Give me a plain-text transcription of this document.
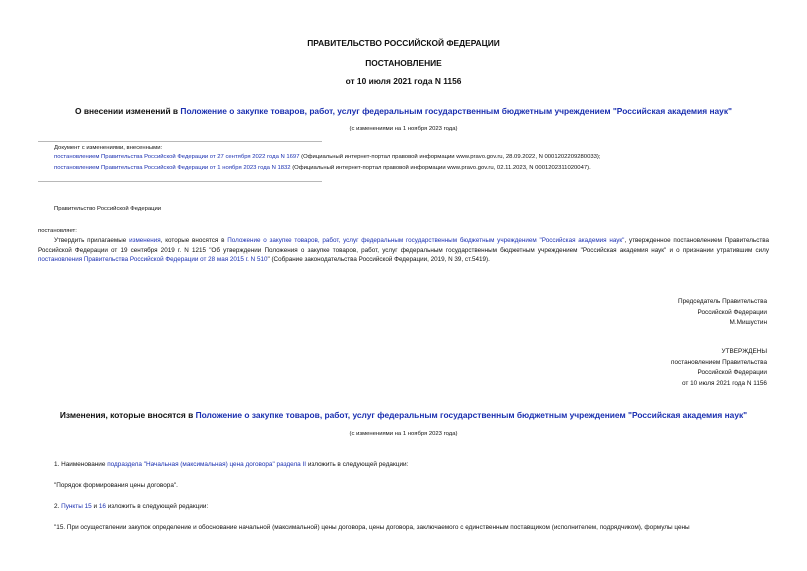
ПРАВИТЕЛЬСТВО РОССИЙСКОЙ ФЕДЕРАЦИИ
ПОСТАНОВЛЕНИЕ
от 10 июля 2021 года N 1156
О внесении изменений в Положение о закупке товаров, работ, услуг федеральным государственным бюджетным учреждением "Российская академия наук"
(с изменениями на 1 ноября 2023 года)
Документ с изменениями, внесенными:
постановлением Правительства Российской Федерации от 27 сентября 2022 года N 1697 (Официальный интернет-портал правовой информации www.pravo.gov.ru, 28.09.2022, N 0001202209280033);
постановлением Правительства Российской Федерации от 1 ноября 2023 года N 1832 (Официальный интернет-портал правовой информации www.pravo.gov.ru, 02.11.2023, N 0001202311020047).
Правительство Российской Федерации
постановляет:
Утвердить прилагаемые изменения, которые вносятся в Положение о закупке товаров, работ, услуг федеральным государственным бюджетным учреждением "Российская академия наук", утвержденное постановлением Правительства Российской Федерации от 19 сентября 2019 г. N 1215 "Об утверждении Положения о закупке товаров, работ, услуг федеральным государственным бюджетным учреждением "Российская академия наук" и о признании утратившим силу постановления Правительства Российской Федерации от 28 мая 2015 г. N 510" (Собрание законодательства Российской Федерации, 2019, N 39, ст.5419).
Председатель Правительства
Российской Федерации
М.Мишустин
УТВЕРЖДЕНЫ
постановлением Правительства
Российской Федерации
от 10 июля 2021 года N 1156
Изменения, которые вносятся в Положение о закупке товаров, работ, услуг федеральным государственным бюджетным учреждением "Российская академия наук"
(с изменениями на 1 ноября 2023 года)
1. Наименование подраздела "Начальная (максимальная) цена договора" раздела II изложить в следующей редакции:
"Порядок формирования цены договора".
2. Пункты 15 и 16 изложить в следующей редакции:
"15. При осуществлении закупок определение и обоснование начальной (максимальной) цены договора, цены договора, заключаемого с единственным поставщиком (исполнителем, подрядчиком), формулы цены
